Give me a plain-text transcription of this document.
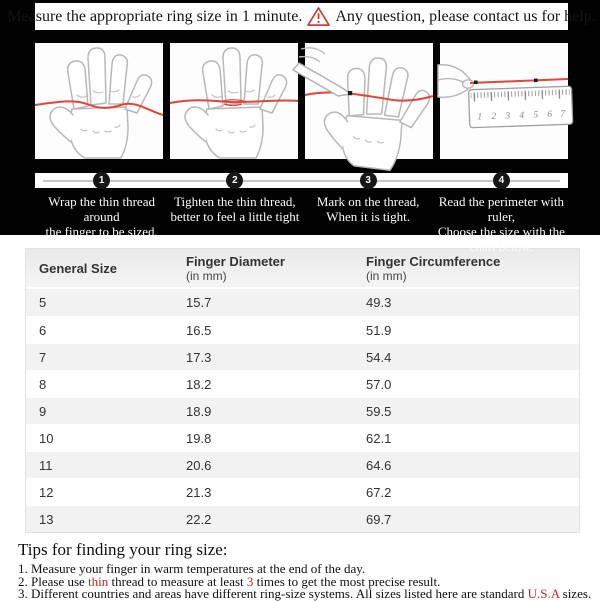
Measure the appropriate ring size in 1 minute. Any question, please contact us for help.
1 2 3 4 5 6 7
1	2	3	4
Wrap the thin thread around
the finger to be sized.
Tighten the thin thread,
better to feel a little tight
Mark on the thread,
When it is tight.
Read the perimeter with ruler,
Choose the size with the chart below.
General Size	Finger Diameter
(in mm)
Finger Circumference
(in mm)
5	15.7	49.3
6	16.5	51.9
7	17.3	54.4
8	18.2	57.0
9	18.9	59.5
10	19.8	62.1
11	20.6	64.6
12	21.3	67.2
13	22.2	69.7
Tips for finding your ring size:
1. Measure your finger in warm temperatures at the end of the day.
2. Please use thin thread to measure at least 3 times to get the most precise result.
3. Different countries and areas have different ring-size systems. All sizes listed here are standard U.S.A sizes.
